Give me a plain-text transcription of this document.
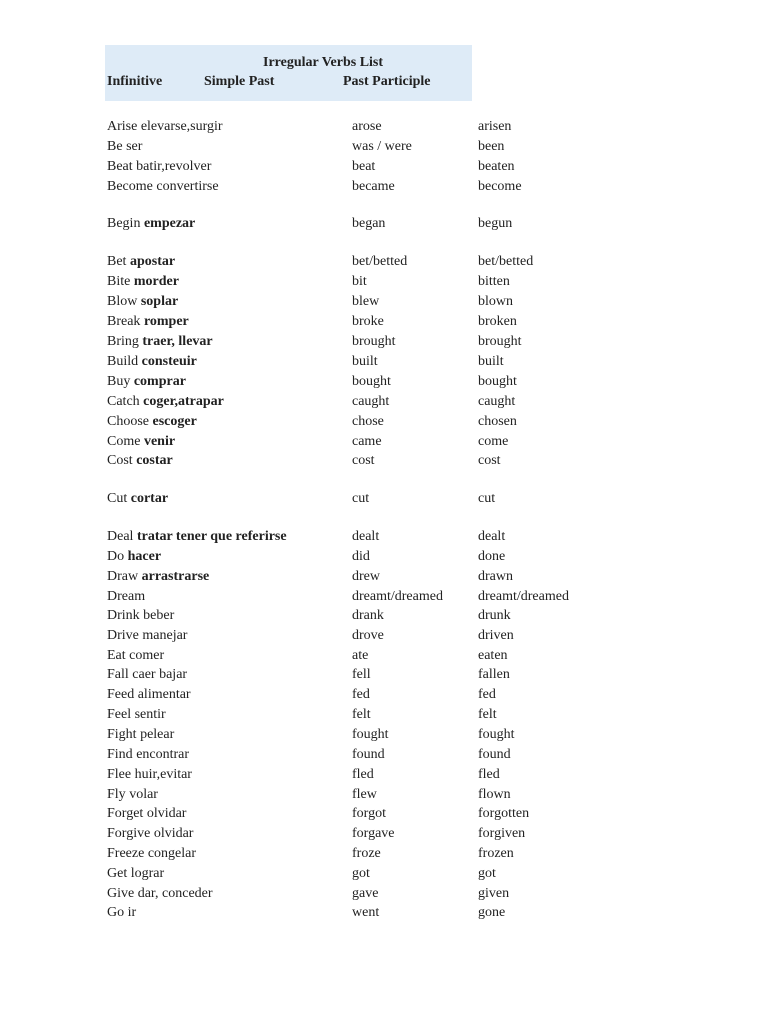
Irregular Verbs List
Infinitive	Simple Past	Past Participle
Arise elevarse,surgir	arose	arisen
Be ser	was / were	been
Beat batir,revolver	beat	beaten
Become convertirse	became	become
Begin empezar	began	begun
Bet apostar	bet/betted	bet/betted
Bite morder	bit	bitten
Blow soplar	blew	blown
Break romper	broke	broken
Bring traer, llevar	brought	brought
Build consteuir	built	built
Buy comprar	bought	bought
Catch coger,atrapar	caught	caught
Choose escoger	chose	chosen
Come venir	came	come
Cost costar	cost	cost
Cut cortar	cut	cut
Deal tratar tener que referirse	dealt	dealt
Do hacer	did	done
Draw arrastrarse	drew	drawn
Dream	dreamt/dreamed	dreamt/dreamed
Drink beber	drank	drunk
Drive manejar	drove	driven
Eat comer	ate	eaten
Fall caer bajar	fell	fallen
Feed alimentar	fed	fed
Feel sentir	felt	felt
Fight pelear	fought	fought
Find encontrar	found	found
Flee huir,evitar	fled	fled
Fly volar	flew	flown
Forget olvidar	forgot	forgotten
Forgive olvidar	forgave	forgiven
Freeze congelar	froze	frozen
Get lograr	got	got
Give dar, conceder	gave	given
Go ir	went	gone
